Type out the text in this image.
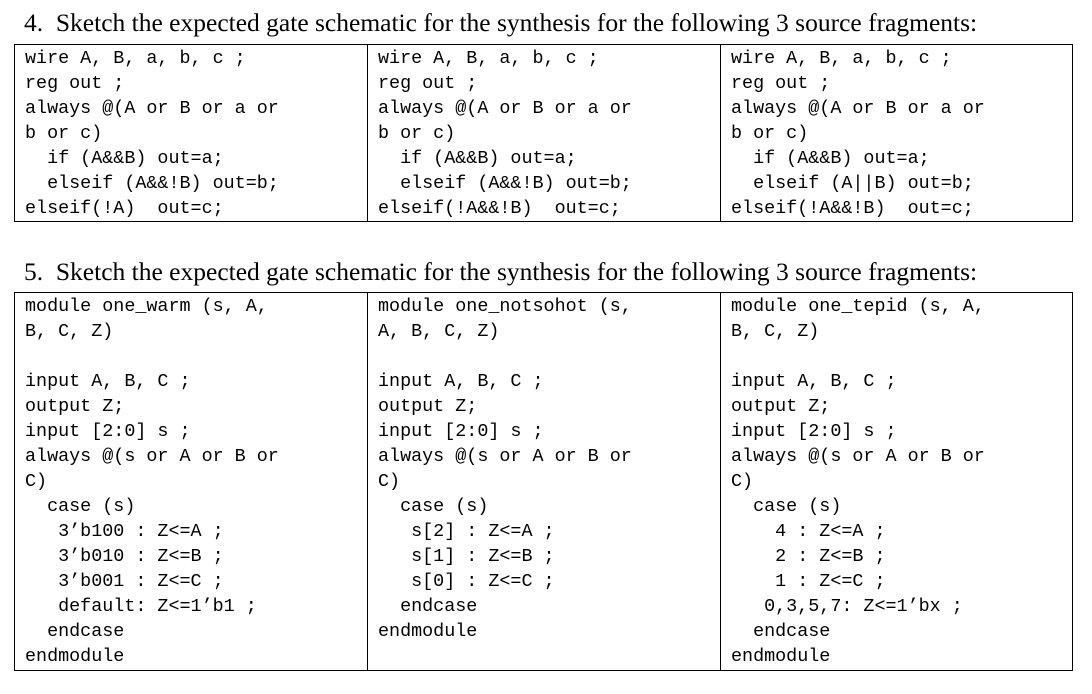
4.  Sketch the expected gate schematic for the synthesis for the following 3 source fragments:

wire A, B, a, b, c ;
reg out ;
always @(A or B or a or
b or c)
if (A&&B) out=a;
elseif (A&&!B) out=b;
elseif(!A)  out=c;

wire A, B, a, b, c ;
reg out ;
always @(A or B or a or
b or c)
if (A&&B) out=a;
elseif (A&&!B) out=b;
elseif(!A&&!B)  out=c;

wire A, B, a, b, c ;
reg out ;
always @(A or B or a or
b or c)
if (A&&B) out=a;
elseif (A||B) out=b;
elseif(!A&&!B)  out=c;

5.  Sketch the expected gate schematic for the synthesis for the following 3 source fragments:

module one_warm (s, A,
B, C, Z)
input A, B, C ;
output Z;
input [2:0] s ;
always @(s or A or B or
C)
case (s)
3’b100 : Z<=A ;
3’b010 : Z<=B ;
3’b001 : Z<=C ;
default: Z<=1’b1 ;
endcase
endmodule

module one_notsohot (s,
A, B, C, Z)
input A, B, C ;
output Z;
input [2:0] s ;
always @(s or A or B or
C)
case (s)
s[2] : Z<=A ;
s[1] : Z<=B ;
s[0] : Z<=C ;
endcase
endmodule

module one_tepid (s, A,
B, C, Z)
input A, B, C ;
output Z;
input [2:0] s ;
always @(s or A or B or
C)
case (s)
4 : Z<=A ;
2 : Z<=B ;
1 : Z<=C ;
0,3,5,7: Z<=1’bx ;
endcase
endmodule
